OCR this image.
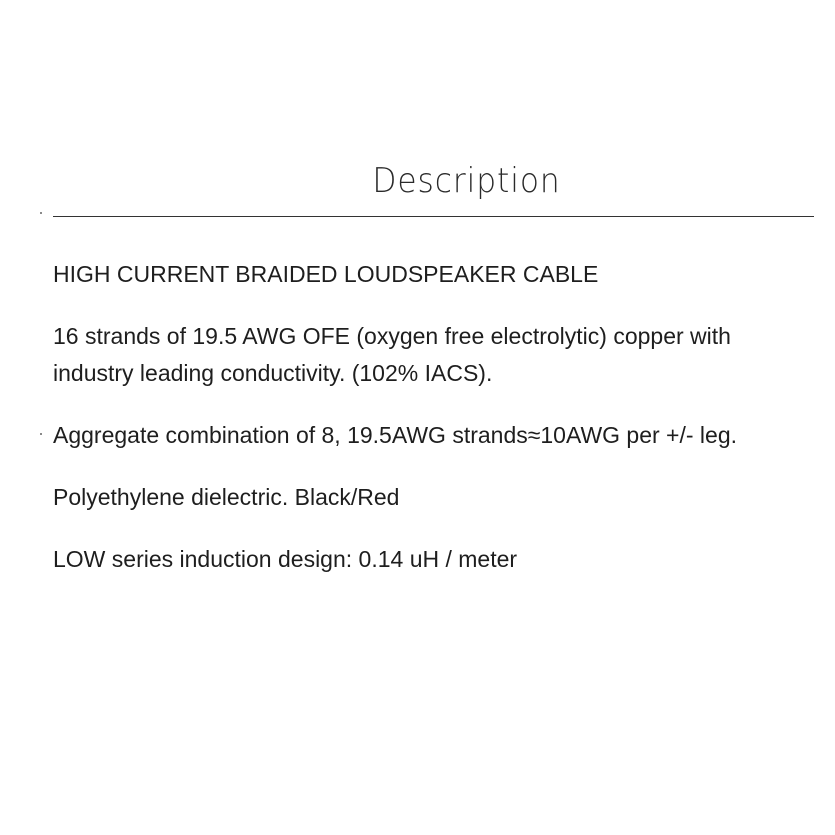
Description

HIGH CURRENT BRAIDED LOUDSPEAKER CABLE

16 strands of 19.5 AWG OFE (oxygen free electrolytic) copper with industry leading conductivity. (102% IACS).

Aggregate combination of 8, 19.5AWG strands≈10AWG per +/- leg.

Polyethylene dielectric. Black/Red

LOW series induction design: 0.14 uH / meter
